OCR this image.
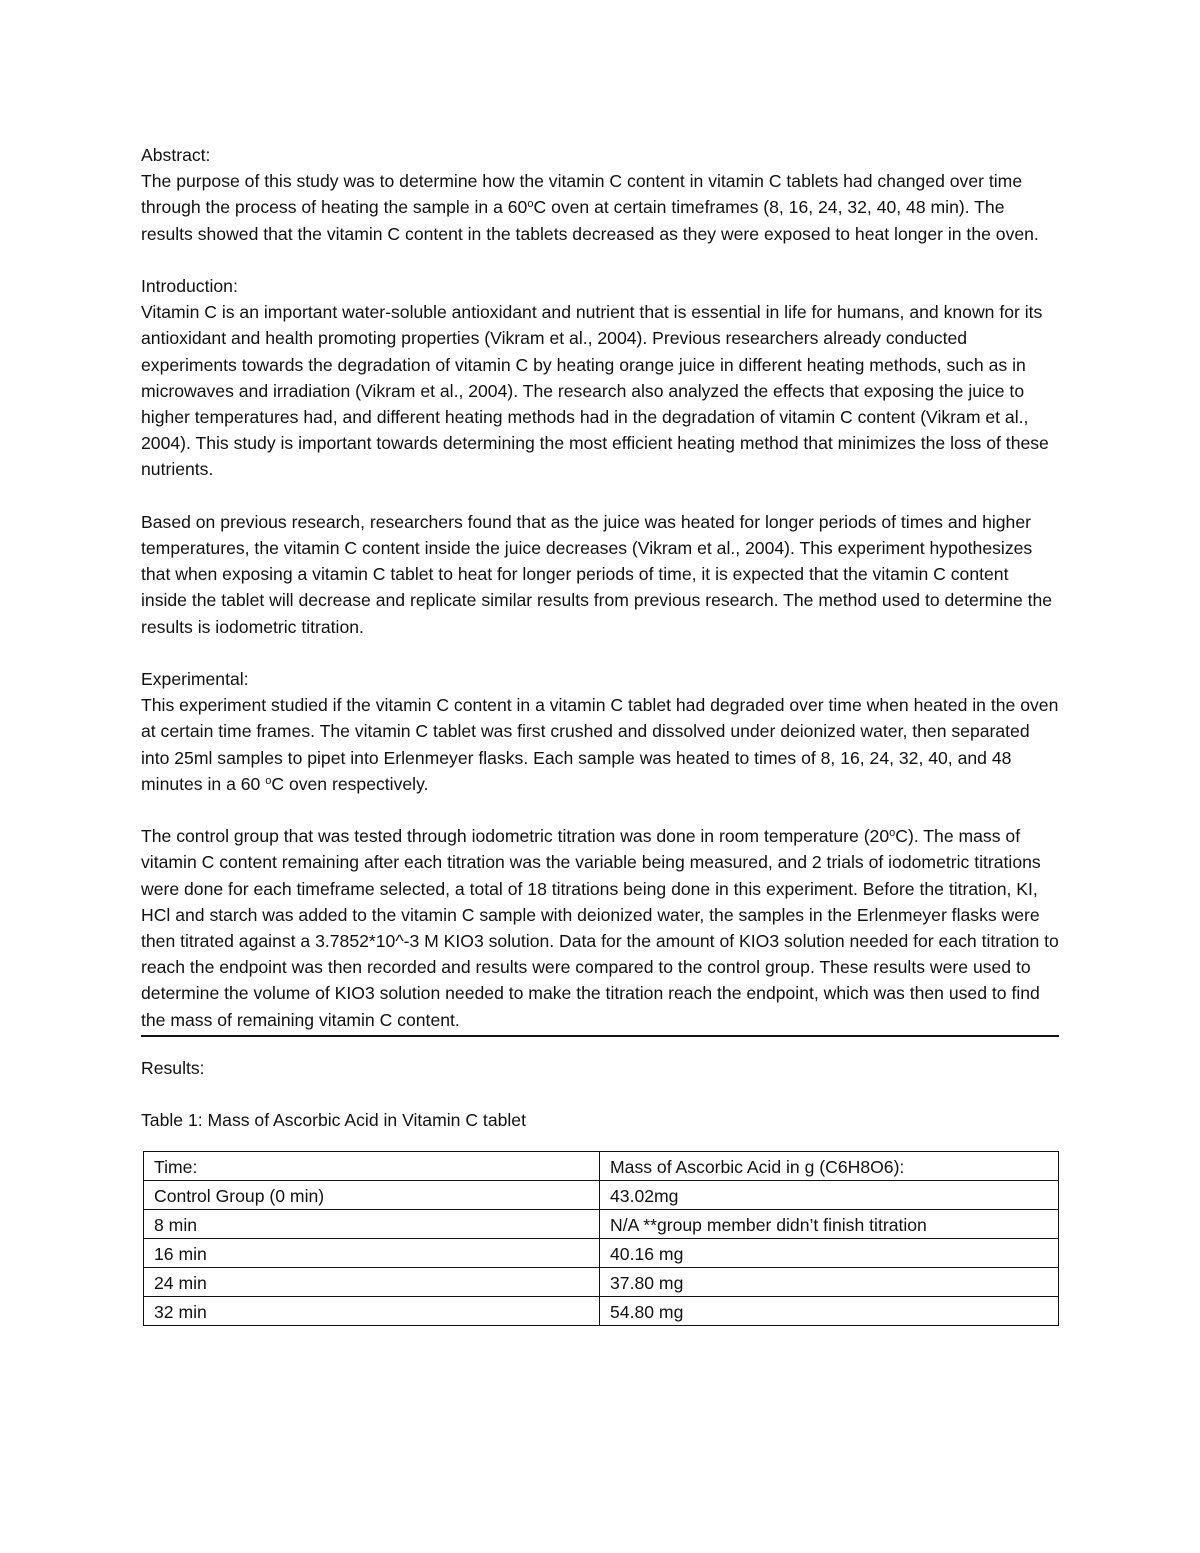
Abstract:

The purpose of this study was to determine how the vitamin C content in vitamin C tablets had changed over time through the process of heating the sample in a 60$^o$C oven at certain timeframes (8, 16, 24, 32, 40, 48 min). The results showed that the vitamin C content in the tablets decreased as they were exposed to heat longer in the oven.

Introduction:

Vitamin C is an important water-soluble antioxidant and nutrient that is essential in life for humans, and known for its antioxidant and health promoting properties (Vikram et al., 2004). Previous researchers already conducted experiments towards the degradation of vitamin C by heating orange juice in different heating methods, such as in microwaves and irradiation (Vikram et al., 2004). The research also analyzed the effects that exposing the juice to higher temperatures had, and different heating methods had in the degradation of vitamin C content (Vikram et al., 2004). This study is important towards determining the most efficient heating method that minimizes the loss of these nutrients.

Based on previous research, researchers found that as the juice was heated for longer periods of times and higher temperatures, the vitamin C content inside the juice decreases (Vikram et al., 2004). This experiment hypothesizes that when exposing a vitamin C tablet to heat for longer periods of time, it is expected that the vitamin C content inside the tablet will decrease and replicate similar results from previous research. The method used to determine the results is iodometric titration.

Experimental:

This experiment studied if the vitamin C content in a vitamin C tablet had degraded over time when heated in the oven at certain time frames. The vitamin C tablet was first crushed and dissolved under deionized water, then separated into 25ml samples to pipet into Erlenmeyer flasks. Each sample was heated to times of 8, 16, 24, 32, 40, and 48 minutes in a 60 $^o$C oven respectively.

The control group that was tested through iodometric titration was done in room temperature (20$^o$C). The mass of vitamin C content remaining after each titration was the variable being measured, and 2 trials of iodometric titrations were done for each timeframe selected, a total of 18 titrations being done in this experiment. Before the titration, KI, HCl and starch was added to the vitamin C sample with deionized water, the samples in the Erlenmeyer flasks were then titrated against a 3.7852*10^-3 M KIO3 solution. Data for the amount of KIO3 solution needed for each titration to reach the endpoint was then recorded and results were compared to the control group. These results were used to determine the volume of KIO3 solution needed to make the titration reach the endpoint, which was then used to find the mass of remaining vitamin C content.

Results:

Table 1: Mass of Ascorbic Acid in Vitamin C tablet

Time:	Mass of Ascorbic Acid in g (C6H8O6):
Control Group (0 min)	43.02mg
8 min	N/A **group member didn’t finish titration
16 min	40.16 mg
24 min	37.80 mg
32 min	54.80 mg
